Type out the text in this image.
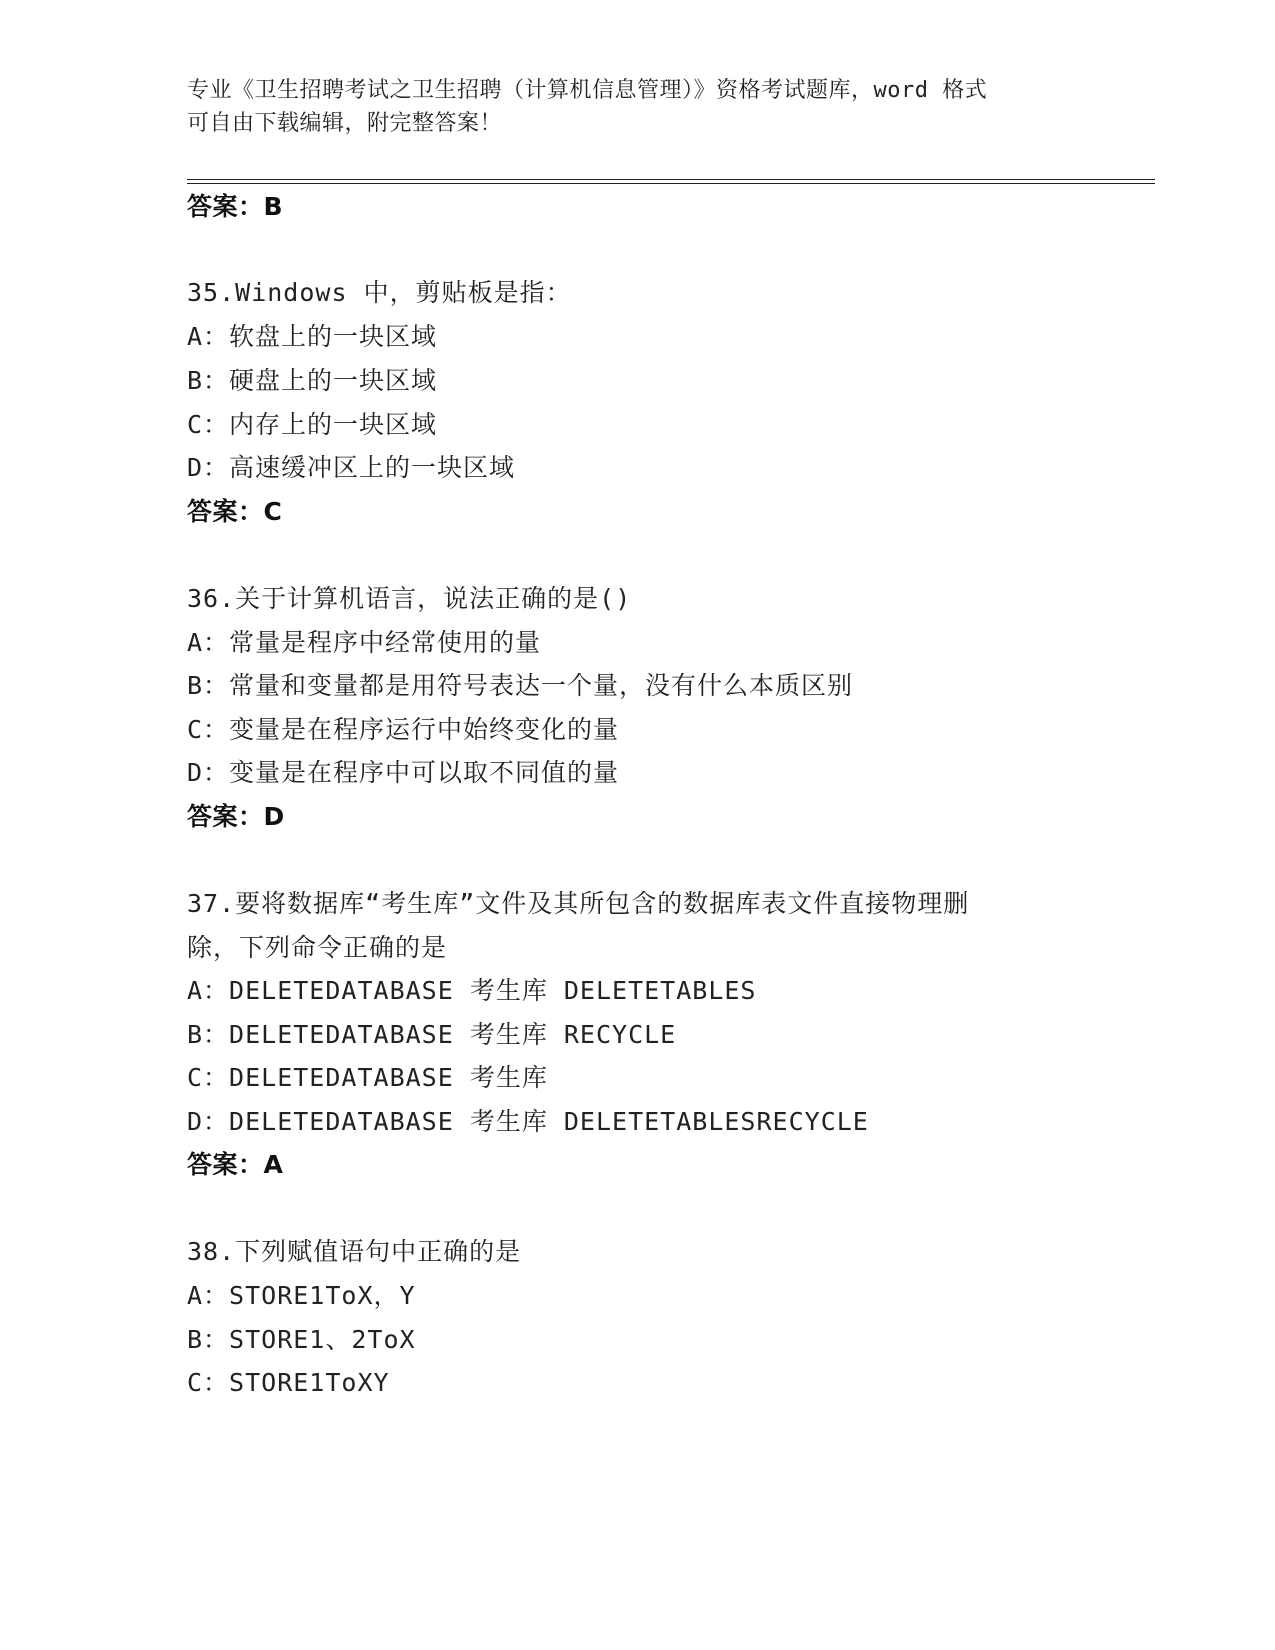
专业《卫生招聘考试之卫生招聘（计算机信息管理）》资格考试题库，word 格式
可自由下载编辑，附完整答案！
答案：B
35.Windows 中，剪贴板是指：
A：软盘上的一块区域
B：硬盘上的一块区域
C：内存上的一块区域
D：高速缓冲区上的一块区域
答案：C
36.关于计算机语言，说法正确的是()
A：常量是程序中经常使用的量
B：常量和变量都是用符号表达一个量，没有什么本质区别
C：变量是在程序运行中始终变化的量
D：变量是在程序中可以取不同值的量
答案：D
37.要将数据库“考生库”文件及其所包含的数据库表文件直接物理删
除，下列命令正确的是
A：DELETEDATABASE 考生库 DELETETABLES
B：DELETEDATABASE 考生库 RECYCLE
C：DELETEDATABASE 考生库
D：DELETEDATABASE 考生库 DELETETABLESRECYCLE
答案：A
38.下列赋值语句中正确的是
A：STORE1ToX，Y
B：STORE1、2ToX
C：STORE1ToXY
